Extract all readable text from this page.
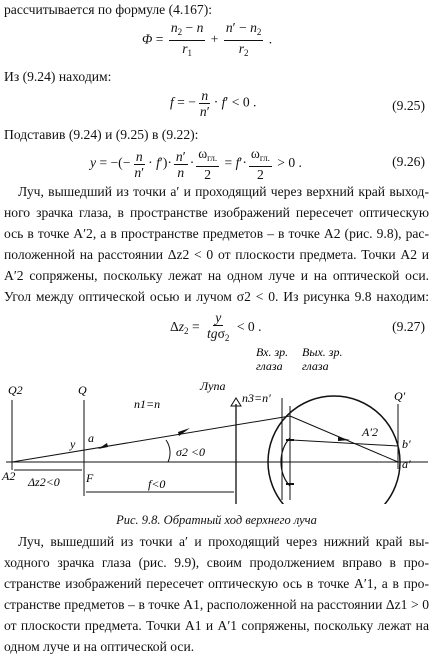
рассчитывается по формуле (4.167):
$\Phi = \frac{n_2 - n}{r_1} + \frac{n' - n_2}{r_2}$ .
Из (9.24) находим:
f = − $\frac{n}{n'} \cdot f' < 0$ .	(9.25)
Подставив (9.24) и (9.25) в (9.22):
y = −(− $\frac{n}{n'} \cdot f')\cdot \frac{n'}{n} \cdot \frac{\omega_{гл.}}{2} = f'\cdot \frac{\omega_{гл.}}{2} > 0$ .	(9.26)
Луч, вышедший из точки a′ и проходящий через верхний край выход-
ного зрачка глаза, в пространстве изображений пересечет оптическую
ось в точке A′2, а в пространстве предметов – в точке A2 (рис. 9.8), рас-
положенной на расстоянии Δz2 < 0 от плоскости предмета. Точки A2 и
A′2 сопряжены, поскольку лежат на одном луче и на оптической оси.
Угол между оптической осью и лучом σ2 < 0. Из рисунка 9.8 находим:
$\Delta z_2 = \frac{y}{tg\sigma_2} < 0$ .	(9.27)
Вх. зр.
глаза
Вых. зр.
глаза
Лупа
Q2	Q	Q′
n1=n	n3=n′
y a
σ2 <0
A′2
b′
a′
A2	F
Δz2<0	f<0
Рис. 9.8. Обратный ход верхнего луча
Луч, вышедший из точки a′ и проходящий через нижний край вы-
ходного зрачка глаза (рис. 9.9), своим продолжением вправо в про-
странстве изображений пересечет оптическую ось в точке A′1, а в про-
странстве предметов – в точке A1, расположенной на расстоянии Δz1 > 0
от плоскости предмета. Точки A1 и A′1 сопряжены, поскольку лежат на
одном луче и на оптической оси.
